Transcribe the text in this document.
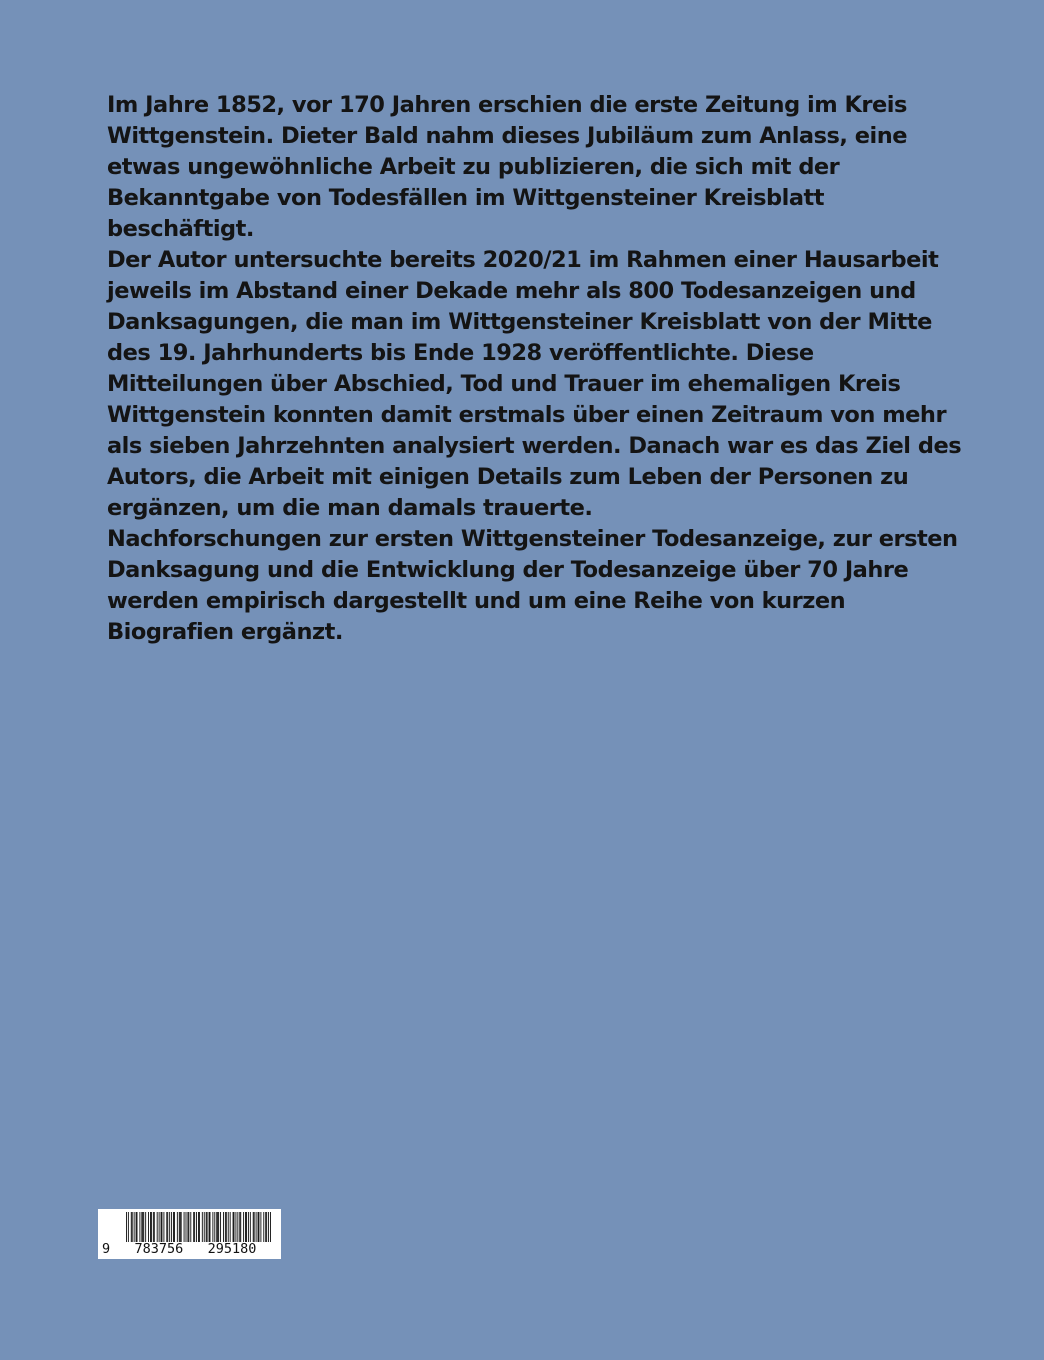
Im Jahre 1852, vor 170 Jahren erschien die erste Zeitung im Kreis

Wittgenstein. Dieter Bald nahm dieses Jubiläum zum Anlass, eine

etwas ungewöhnliche Arbeit zu publizieren, die sich mit der

Bekanntgabe von Todesfällen im Wittgensteiner Kreisblatt

beschäftigt.

Der Autor untersuchte bereits 2020/21 im Rahmen einer Hausarbeit

jeweils im Abstand einer Dekade mehr als 800 Todesanzeigen und

Danksagungen, die man im Wittgensteiner Kreisblatt von der Mitte

des 19. Jahrhunderts bis Ende 1928 veröffentlichte. Diese

Mitteilungen über Abschied, Tod und Trauer im ehemaligen Kreis

Wittgenstein konnten damit erstmals über einen Zeitraum von mehr

als sieben Jahrzehnten analysiert werden. Danach war es das Ziel des

Autors, die Arbeit mit einigen Details zum Leben der Personen zu

ergänzen, um die man damals trauerte.

Nachforschungen zur ersten Wittgensteiner Todesanzeige, zur ersten

Danksagung und die Entwicklung der Todesanzeige über 70 Jahre

werden empirisch dargestellt und um eine Reihe von kurzen

Biografien ergänzt.

9   783756   295180
